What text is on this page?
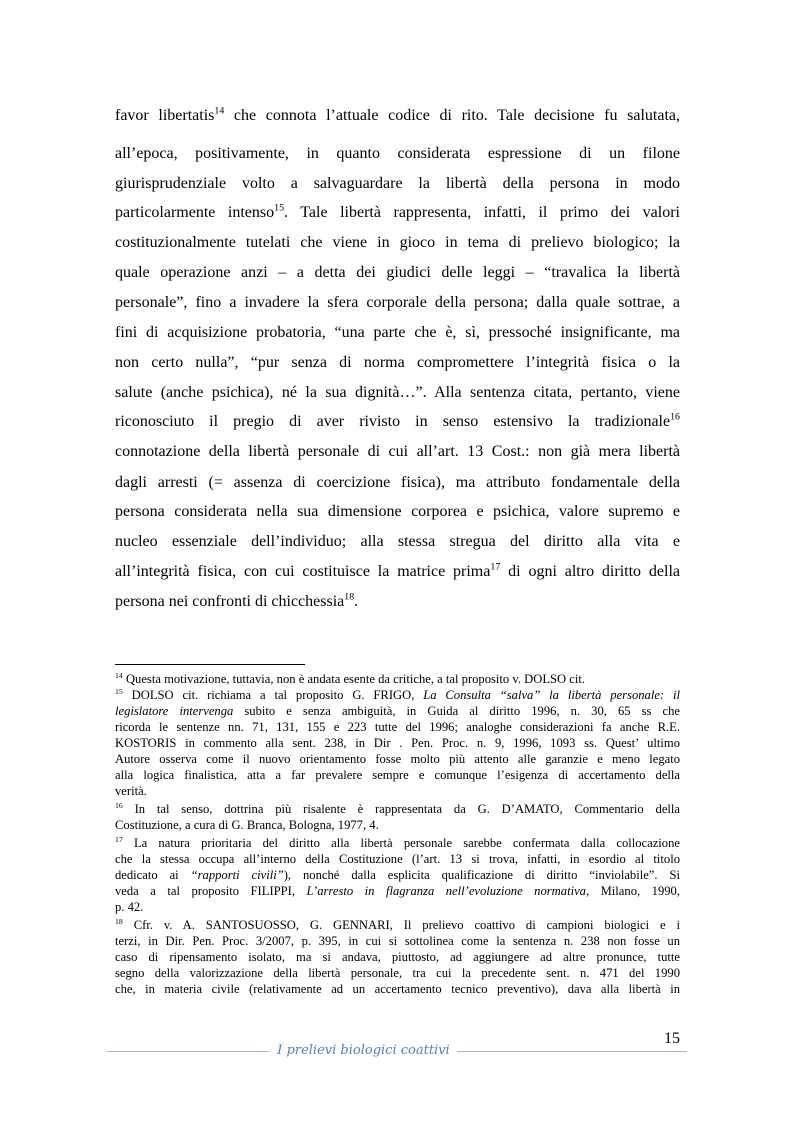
favor libertatis$^{14}$ che connota l’attuale codice di rito. Tale decisione fu salutata,
all’epoca, positivamente, in quanto considerata espressione di un filone
giurisprudenziale volto a salvaguardare la libertà della persona in modo
particolarmente intenso$^{15}$. Tale libertà rappresenta, infatti, il primo dei valori
costituzionalmente tutelati che viene in gioco in tema di prelievo biologico; la
quale operazione anzi – a detta dei giudici delle leggi – “travalica la libertà
personale”, fino a invadere la sfera corporale della persona; dalla quale sottrae, a
fini di acquisizione probatoria, “una parte che è, sì, pressoché insignificante, ma
non certo nulla”, “pur senza di norma compromettere l’integrità fisica o la
salute (anche psichica), né la sua dignità…”. Alla sentenza citata, pertanto, viene
riconosciuto il pregio di aver rivisto in senso estensivo la tradizionale$^{16}$
connotazione della libertà personale di cui all’art. 13 Cost.: non già mera libertà
dagli arresti (= assenza di coercizione fisica), ma attributo fondamentale della
persona considerata nella sua dimensione corporea e psichica, valore supremo e
nucleo essenziale dell’individuo; alla stessa stregua del diritto alla vita e
all’integrità fisica, con cui costituisce la matrice prima$^{17}$ di ogni altro diritto della
persona nei confronti di chicchessia$^{18}$.
$^{14}$ Questa motivazione, tuttavia, non è andata esente da critiche, a tal proposito v. DOLSO cit.
$^{15}$ DOLSO cit. richiama a tal proposito G. FRIGO, La Consulta “salva” la libertà personale: il
legislatore intervenga subito e senza ambiguità, in Guida al diritto 1996, n. 30, 65 ss che
ricorda le sentenze nn. 71, 131, 155 e 223 tutte del 1996; analoghe considerazioni fa anche R.E.
KOSTORIS in commento alla sent. 238, in Dir . Pen. Proc. n. 9, 1996, 1093 ss. Quest’ ultimo
Autore osserva come il nuovo orientamento fosse molto più attento alle garanzie e meno legato
alla logica finalistica, atta a far prevalere sempre e comunque l’esigenza di accertamento della
verità.
$^{16}$ In tal senso, dottrina più risalente è rappresentata da G. D’AMATO, Commentario della
Costituzione, a cura di G. Branca, Bologna, 1977, 4.
$^{17}$ La natura prioritaria del diritto alla libertà personale sarebbe confermata dalla collocazione
che la stessa occupa all’interno della Costituzione (l’art. 13 si trova, infatti, in esordio al titolo
dedicato ai “rapporti civili”), nonché dalla esplicita qualificazione di diritto “inviolabile”. Si
veda a tal proposito FILIPPI, L’arresto in flagranza nell’evoluzione normativa, Milano, 1990,
p. 42.
$^{18}$ Cfr. v. A. SANTOSUOSSO, G. GENNARI, Il prelievo coattivo di campioni biologici e i
terzi, in Dir. Pen. Proc. 3/2007, p. 395, in cui si sottolinea come la sentenza n. 238 non fosse un
caso di ripensamento isolato, ma si andava, piuttosto, ad aggiungere ad altre pronunce, tutte
segno della valorizzazione della libertà personale, tra cui la precedente sent. n. 471 del 1990
che, in materia civile (relativamente ad un accertamento tecnico preventivo), dava alla libertà in
15
I prelievi biologici coattivi
